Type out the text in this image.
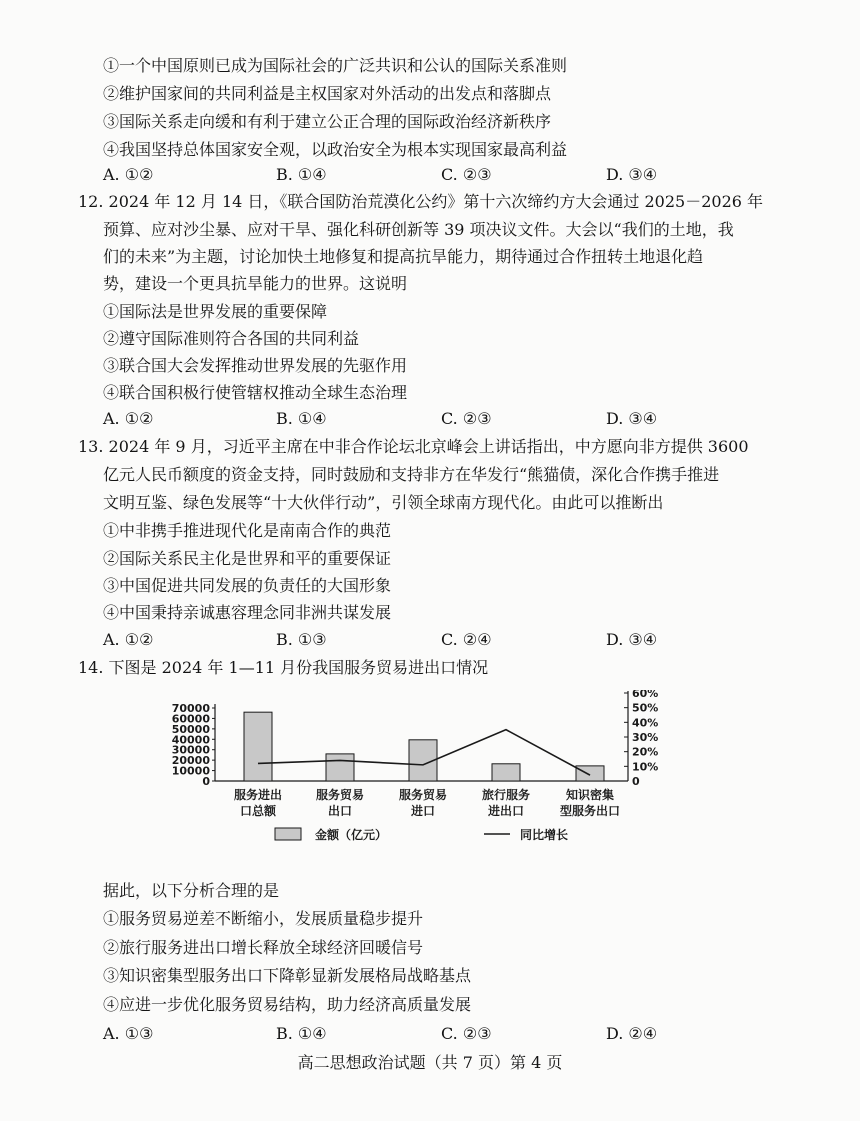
①一个中国原则已成为国际社会的广泛共识和公认的国际关系准则
②维护国家间的共同利益是主权国家对外活动的出发点和落脚点
③国际关系走向缓和有利于建立公正合理的国际政治经济新秩序
④我国坚持总体国家安全观，以政治安全为根本实现国家最高利益
A. ①②	B. ①④	C. ②③	D. ③④
12. 2024 年 12 月 14 日，《联合国防治荒漠化公约》第十六次缔约方大会通过 2025－2026 年
预算、应对沙尘暴、应对干旱、强化科研创新等 39 项决议文件。大会以“我们的土地，我
们的未来”为主题，讨论加快土地修复和提高抗旱能力，期待通过合作扭转土地退化趋
势，建设一个更具抗旱能力的世界。这说明
①国际法是世界发展的重要保障
②遵守国际准则符合各国的共同利益
③联合国大会发挥推动世界发展的先驱作用
④联合国积极行使管辖权推动全球生态治理
A. ①②	B. ①④	C. ②③	D. ③④
13. 2024 年 9 月，习近平主席在中非合作论坛北京峰会上讲话指出，中方愿向非方提供 3600
亿元人民币额度的资金支持，同时鼓励和支持非方在华发行“熊猫债，深化合作携手推进
文明互鉴、绿色发展等“十大伙伴行动”，引领全球南方现代化。由此可以推断出
①中非携手推进现代化是南南合作的典范
②国际关系民主化是世界和平的重要保证
③中国促进共同发展的负责任的大国形象
④中国秉持亲诚惠容理念同非洲共谋发展
A. ①②	B. ①③	C. ②④	D. ③④
14. 下图是 2024 年 1—11 月份我国服务贸易进出口情况
70000
60000
50000
40000
30000
20000
10000
0
60%
50%
40%
30%
20%
10%
0
服务进出
口总额
服务贸易
出口
服务贸易
进口
旅行服务
进出口
知识密集
型服务出口
金额（亿元）	同比增长
据此，以下分析合理的是
①服务贸易逆差不断缩小，发展质量稳步提升
②旅行服务进出口增长释放全球经济回暖信号
③知识密集型服务出口下降彰显新发展格局战略基点
④应进一步优化服务贸易结构，助力经济高质量发展
A. ①③	B. ①④	C. ②③	D. ②④
高二思想政治试题（共 7 页）第 4 页
